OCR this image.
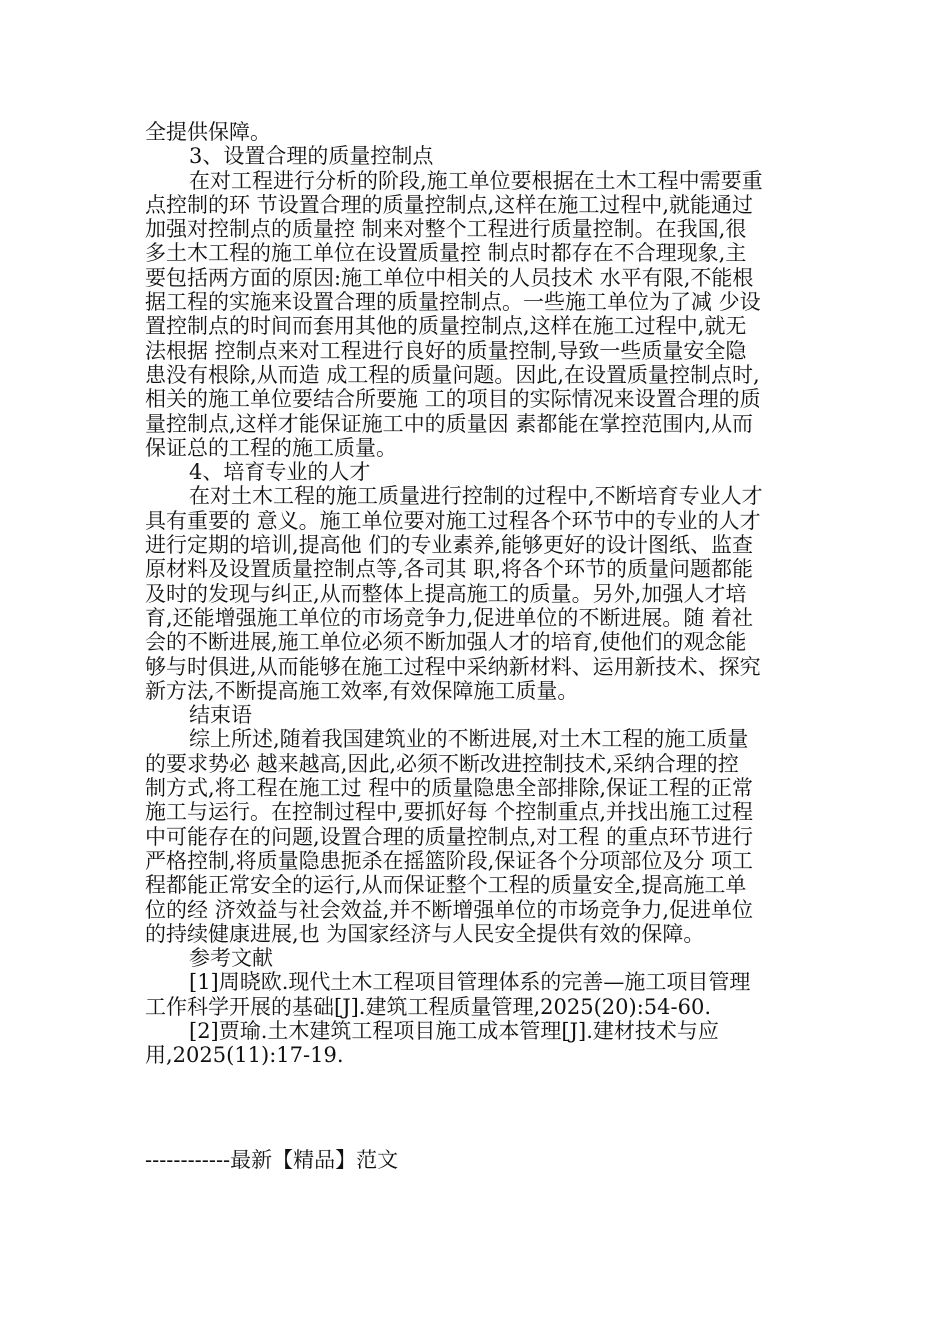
全提供保障。
3、设置合理的质量控制点
在对工程进行分析的阶段,施工单位要根据在土木工程中需要重
点控制的环 节设置合理的质量控制点,这样在施工过程中,就能通过
加强对控制点的质量控 制来对整个工程进行质量控制。在我国,很
多土木工程的施工单位在设置质量控 制点时都存在不合理现象,主
要包括两方面的原因:施工单位中相关的人员技术 水平有限,不能根
据工程的实施来设置合理的质量控制点。一些施工单位为了减 少设
置控制点的时间而套用其他的质量控制点,这样在施工过程中,就无
法根据 控制点来对工程进行良好的质量控制,导致一些质量安全隐
患没有根除,从而造 成工程的质量问题。因此,在设置质量控制点时,
相关的施工单位要结合所要施 工的项目的实际情况来设置合理的质
量控制点,这样才能保证施工中的质量因 素都能在掌控范围内,从而
保证总的工程的施工质量。
4、培育专业的人才
在对土木工程的施工质量进行控制的过程中,不断培育专业人才
具有重要的 意义。施工单位要对施工过程各个环节中的专业的人才
进行定期的培训,提高他 们的专业素养,能够更好的设计图纸、监查
原材料及设置质量控制点等,各司其 职,将各个环节的质量问题都能
及时的发现与纠正,从而整体上提高施工的质量。另外,加强人才培
育,还能增强施工单位的市场竞争力,促进单位的不断进展。随 着社
会的不断进展,施工单位必须不断加强人才的培育,使他们的观念能
够与时俱进,从而能够在施工过程中采纳新材料、运用新技术、探究
新方法,不断提高施工效率,有效保障施工质量。
结束语
综上所述,随着我国建筑业的不断进展,对土木工程的施工质量
的要求势必 越来越高,因此,必须不断改进控制技术,采纳合理的控
制方式,将工程在施工过 程中的质量隐患全部排除,保证工程的正常
施工与运行。在控制过程中,要抓好每 个控制重点,并找出施工过程
中可能存在的问题,设置合理的质量控制点,对工程 的重点环节进行
严格控制,将质量隐患扼杀在摇篮阶段,保证各个分项部位及分 项工
程都能正常安全的运行,从而保证整个工程的质量安全,提高施工单
位的经 济效益与社会效益,并不断增强单位的市场竞争力,促进单位
的持续健康进展,也 为国家经济与人民安全提供有效的保障。
参考文献
[1]周晓欧.现代土木工程项目管理体系的完善—施工项目管理
工作科学开展的基础[J].建筑工程质量管理,2025(20):54-60.
[2]贾瑜.土木建筑工程项目施工成本管理[J].建材技术与应
用,2025(11):17-19.
------------最新【精品】范文
